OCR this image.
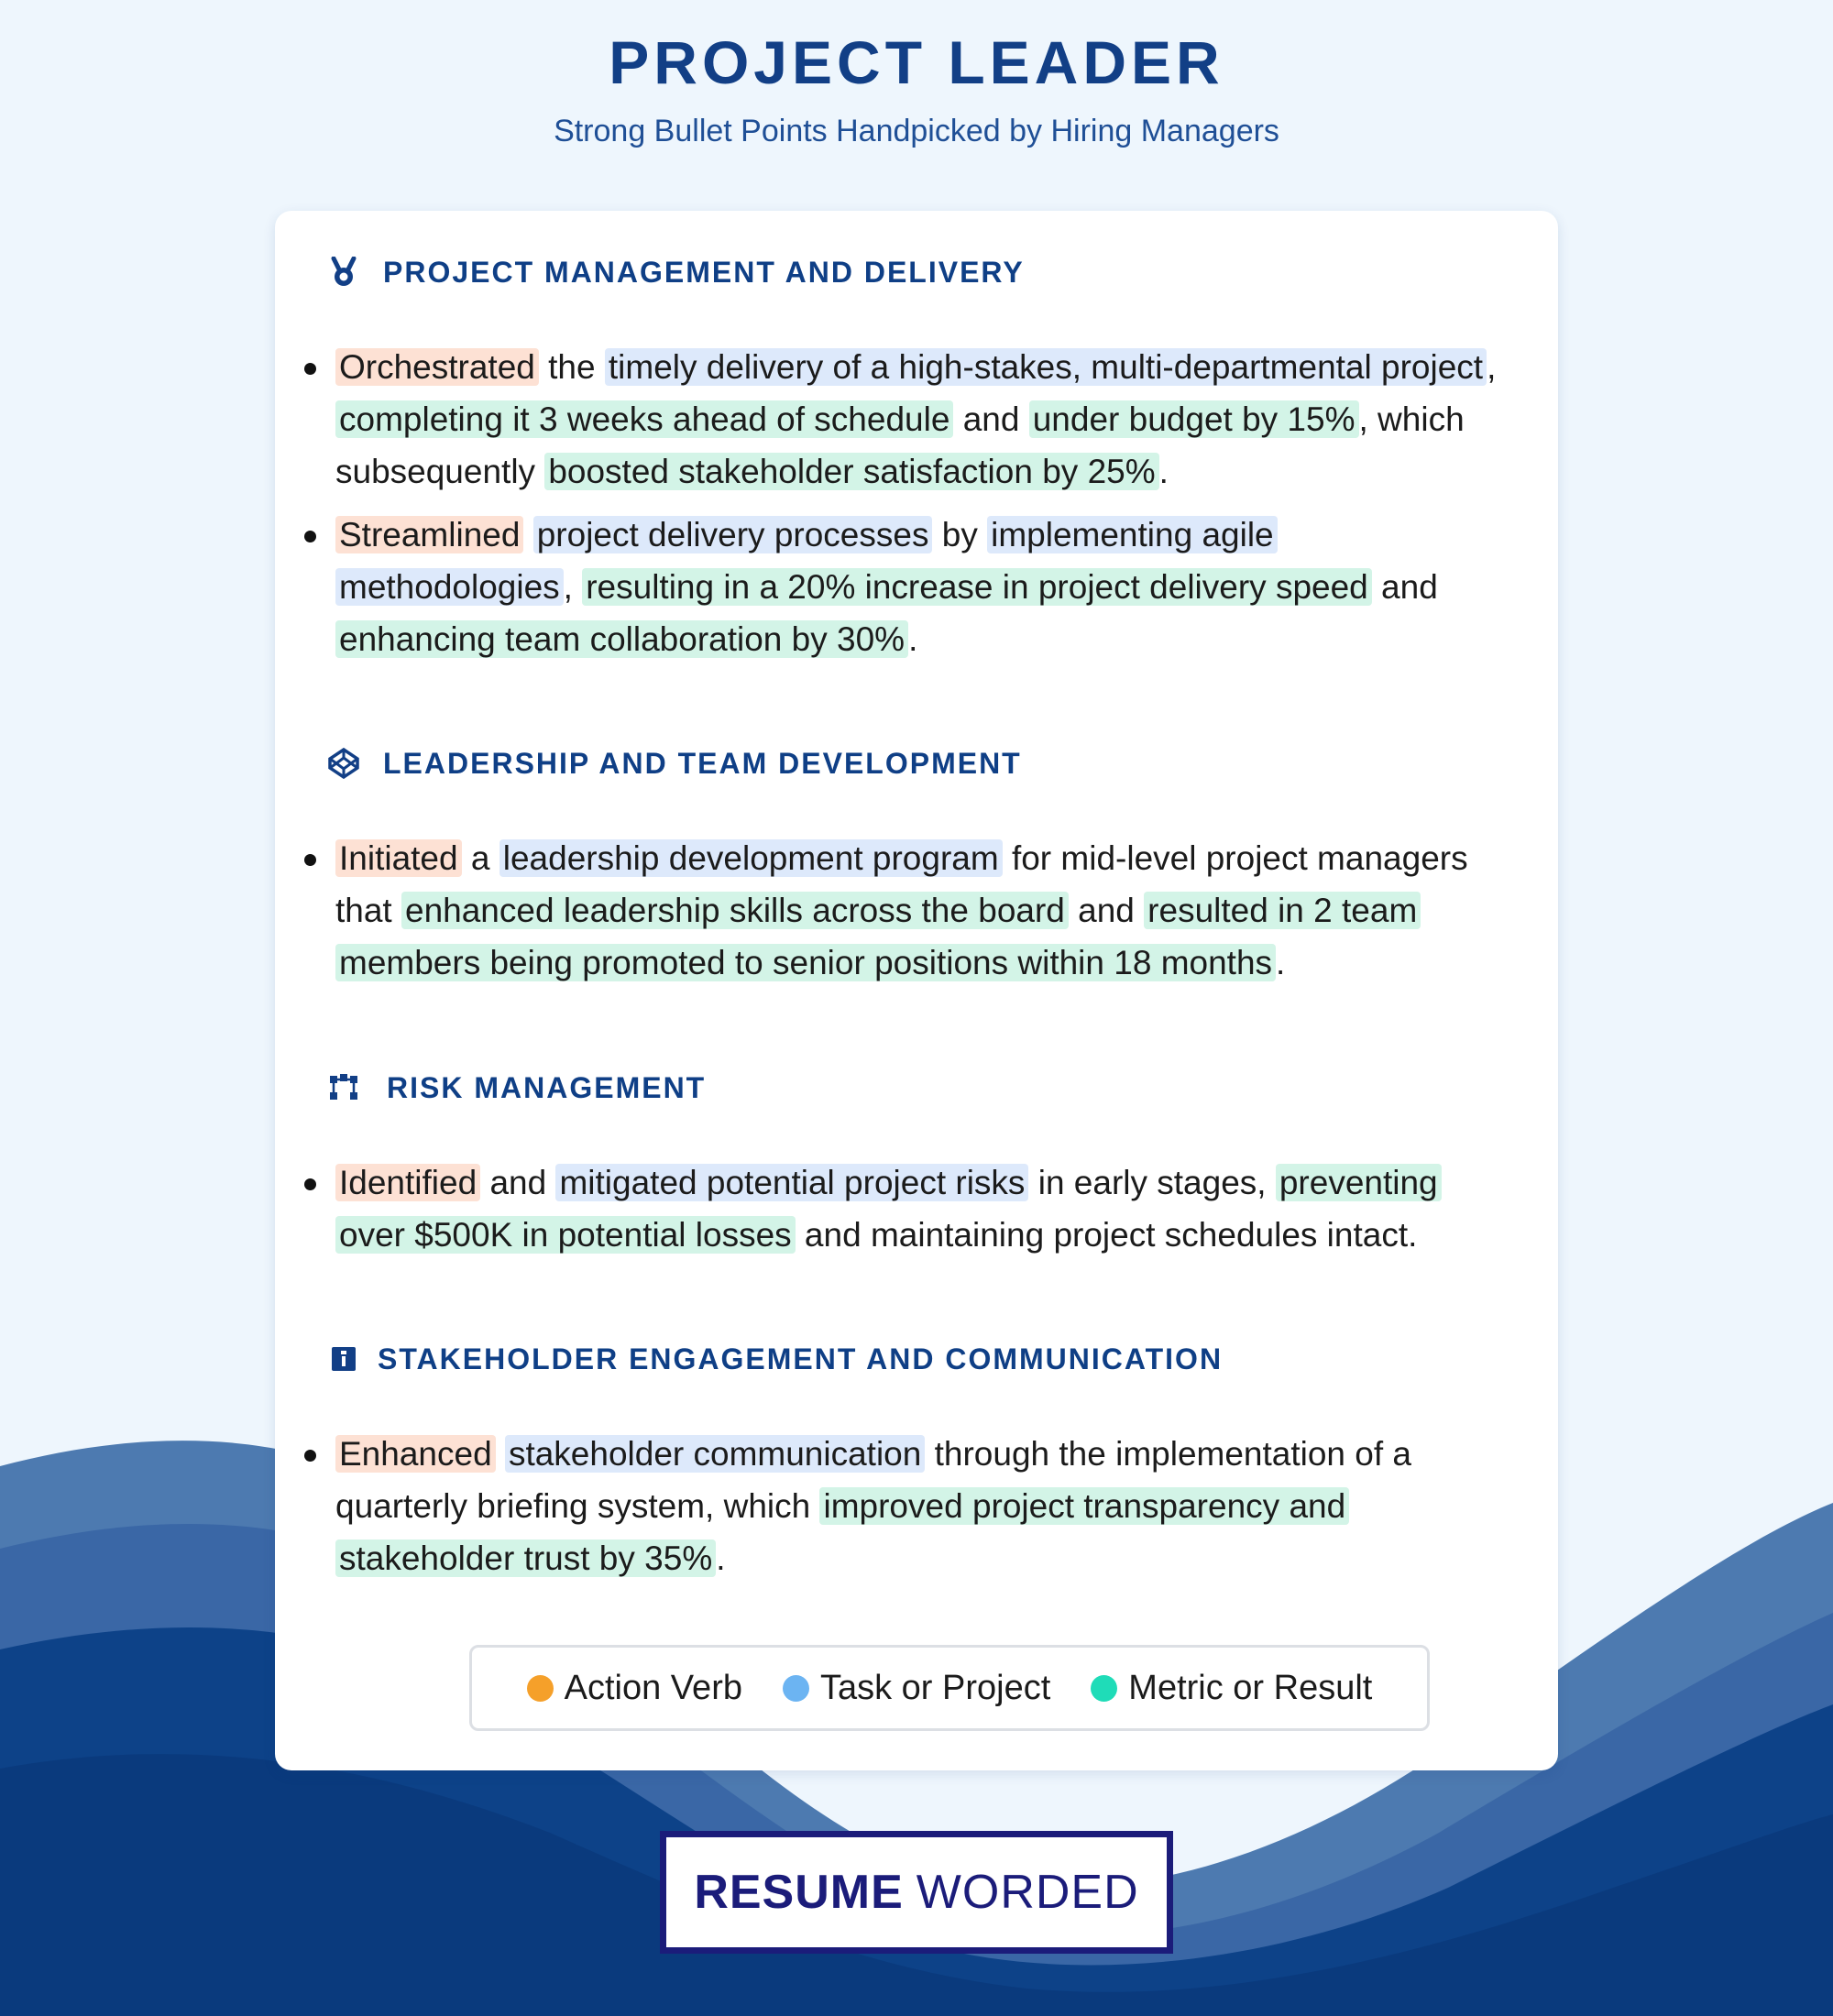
PROJECT LEADER
Strong Bullet Points Handpicked by Hiring Managers
PROJECT MANAGEMENT AND DELIVERY
Orchestrated the timely delivery of a high-stakes, multi-departmental project , completing it 3 weeks ahead of schedule and under budget by 15% , which subsequently boosted stakeholder satisfaction by 25% .
Streamlined project delivery processes by implementing agile methodologies , resulting in a 20% increase in project delivery speed and enhancing team collaboration by 30% .
LEADERSHIP AND TEAM DEVELOPMENT
Initiated a leadership development program for mid-level project managers that enhanced leadership skills across the board and resulted in 2 team members being promoted to senior positions within 18 months .
RISK MANAGEMENT
Identified and mitigated potential project risks in early stages, preventing over $500K in potential losses and maintaining project schedules intact.
STAKEHOLDER ENGAGEMENT AND COMMUNICATION
Enhanced stakeholder communication through the implementation of a quarterly briefing system, which improved project transparency and stakeholder trust by 35% .
Action Verb Task or Project Metric or Result
RESUME WORDED
